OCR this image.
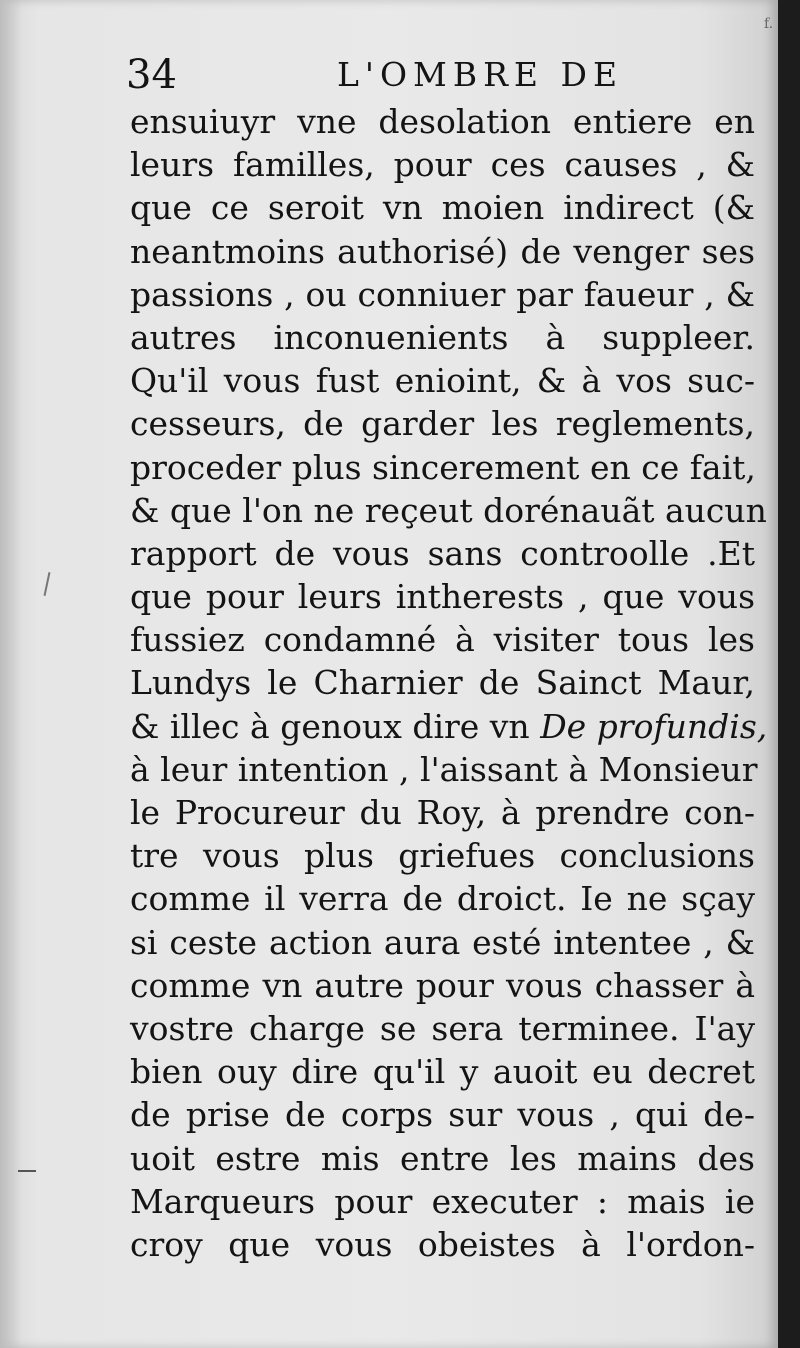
f.
34	L'OMBRE DE
ensuiuyr vne desolation entiere en
leurs familles, pour ces causes , &
que ce seroit vn moien indirect (&
neantmoins authorisé) de venger ses
passions , ou conniuer par faueur , &
autres inconuenients à suppleer.
Qu'il vous fust enioint, & à vos suc-
cesseurs, de garder les reglements,
proceder plus sincerement en ce fait,
& que l'on ne reçeut dorénauãt aucun
rapport de vous sans controolle .Et
que pour leurs intherests , que vous
fussiez condamné à visiter tous les
Lundys le Charnier de Sainct Maur,
& illec à genoux dire vn De profundis,
à leur intention , l'aissant à Monsieur
le Procureur du Roy, à prendre con-
tre vous plus griefues conclusions
comme il verra de droict. Ie ne sçay
si ceste action aura esté intentee , &
comme vn autre pour vous chasser à
vostre charge se sera terminee. I'ay
bien ouy dire qu'il y auoit eu decret
de prise de corps sur vous , qui de-
uoit estre mis entre les mains des
Marqueurs pour executer : mais ie
croy que vous obeistes à l'ordon-
